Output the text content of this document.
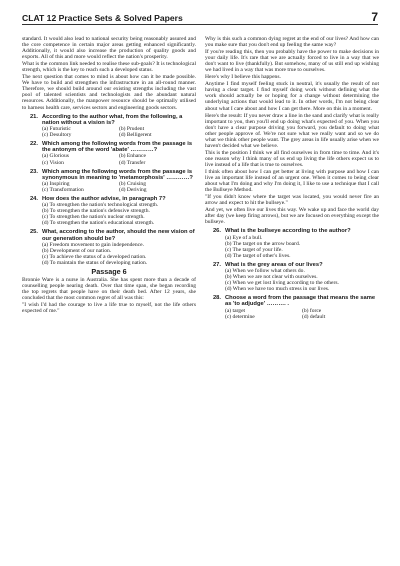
CLAT 12 Practice Sets & Solved Papers	7

standard. It would also lead to national security being reasonably assured and the core competence in certain major areas getting enhanced significantly. Additionally, it would also increase the production of quality goods and exports. All of this and more would reflect the nation's prosperity.

What is the common link needed to realise these sub-goals? It is technological strength, which is the key to reach such a developed status.

The next question that comes to mind is about how can it be made possible. We have to build and strengthen the infrastructure in an all-round manner. Therefore, we should build around our existing strengths including the vast pool of talented scientists and technologists and the abundant natural resources. Additionally, the manpower resource should be optimally utilised to harness health care, services sectors and engineering goods sectors.

21. According to the author what, from the following, a nation without a vision is?
(a) Futuristic	(b) Prudent
(c) Desultory	(d) Belligerent
22. Which among the following words from the passage is the antonym of the word 'abate' …………?
(a) Glorious	(b) Enhance
(c) Vision	(d) Transfer
23. Which among the following words from the passage is synonymous in meaning to 'metamorphosis' …………?
(a) Inspiring	(b) Cruising
(c) Transformation	(d) Deriving
24. How does the author advise, in paragraph 7?
(a) To strengthen the nation's technological strength.
(b) To strengthen the nation's defensive strength.
(c) To strengthen the nation's nuclear strength.
(d) To strengthen the nation's educational strength.
25. What, according to the author, should the new vision of our generation should be?
(a) Freedom movement to gain independence.
(b) Development of our nation.
(c) To achieve the status of a developed nation.
(d) To maintain the status of developing nation.
Passage 6

Bronnie Ware is a nurse in Australia. She has spent more than a decade of counselling people nearing death. Over that time span, she began recording the top regrets that people have on their death bed. After 12 years, she concluded that the most common regret of all was this:

"I wish I'd had the courage to live a life true to myself, not the life others expected of me."

Why is this such a common dying regret at the end of our lives? And how can you make sure that you don't end up feeling the same way?

If you're reading this, then you probably have the power to make decisions in your daily life. It's rare that we are actually forced to live in a way that we don't want to live (thankfully). But somehow, many of us still end up wishing we had lived in a way that was more true to ourselves.

Here's why I believe this happens.

Anytime I find myself feeling stuck in neutral, it's usually the result of not having a clear target. I find myself doing work without defining what the work should actually be or hoping for a change without determining the underlying actions that would lead to it. In other words, I'm not being clear about what I care about and how I can get there. More on this in a moment.

Here's the result: If you never draw a line in the sand and clarify what is really important to you, then you'll end up doing what's expected of you. When you don't have a clear purpose driving you forward, you default to doing what other people approve of. We're not sure what we really want and so we do what we think other people want. The grey areas in life usually arise when we haven't decided what we believe.

This is the position I think we all find ourselves in from time to time. And it's one reason why I think many of us end up living the life others expect us to live instead of a life that is true to ourselves.

I think often about how I can get better at living with purpose and how I can live an important life instead of an urgent one. When it comes to being clear about what I'm doing and why I'm doing it, I like to use a technique that I call the Bullseye Method.

"If you didn't know where the target was located, you would never fire an arrow and expect to hit the bullseye."

And yet, we often live our lives this way. We wake up and face the world day after day (we keep firing arrows), but we are focused on everything except the bullseye.

26. What is the bullseye according to the author?
(a) Eye of a bull.
(b) The target on the arrow board.
(c) The target of your life.
(d) The target of other's lives.
27. What is the grey areas of our lives?
(a) When we follow what others do.
(b) When we are not clear with ourselves.
(c) When we get lost living according to the others.
(d) When we have too much stress in our lives.
28. Choose a word from the passage that means the same as 'to adjudge' ………. .
(a) target	(b) force
(c) determine	(d) default
